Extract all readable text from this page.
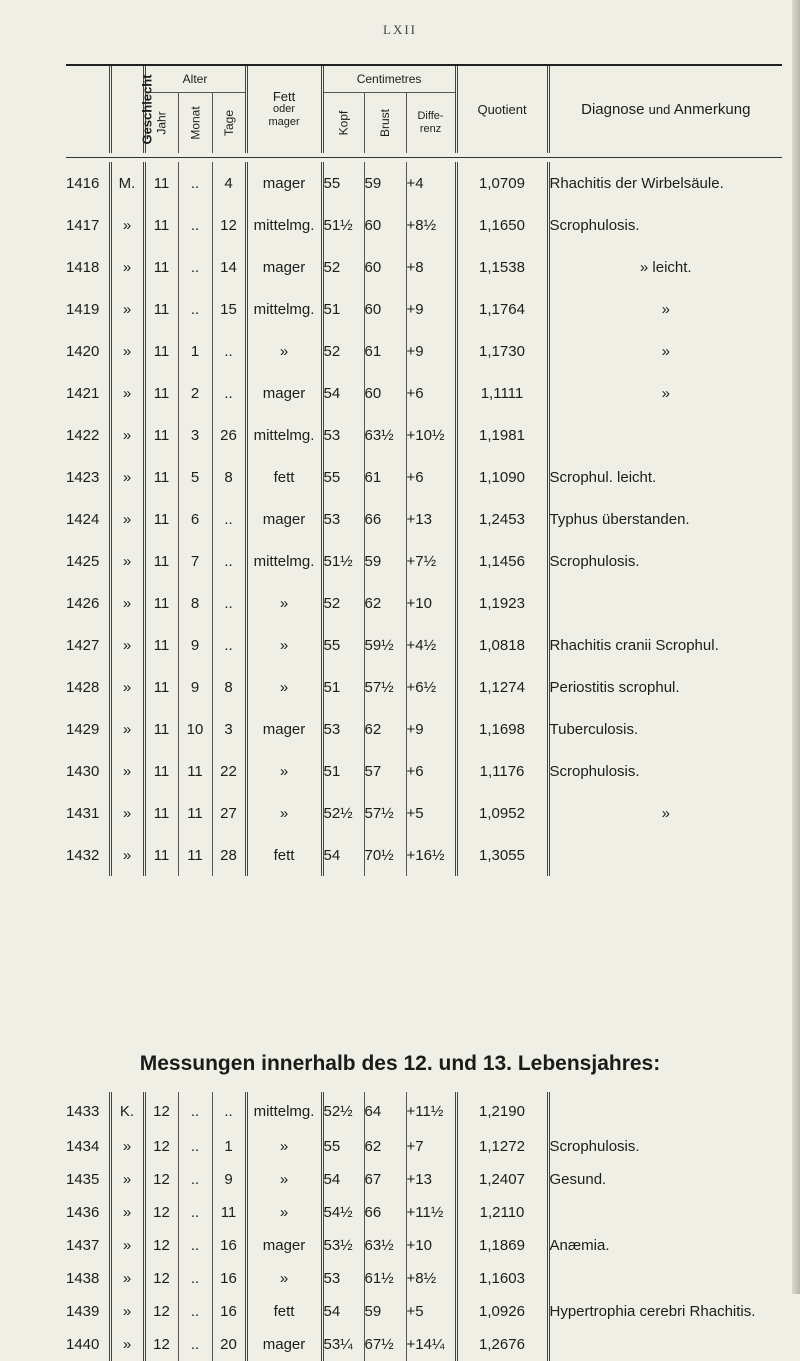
LXII
	Geschlecht	Alter			Fett
oder
mager	Centimetres			Quotient	Diagnose und Anmerkung
		Jahr	Monat	Tage		Kopf	Brust	Diffe-
renz		

1416	M.	11	..	4	mager	55	59	+4	1,0709	Rhachitis der Wirbelsäule.
1417	»	11	..	12	mittelmg.	51½	60	+8½	1,1650	Scrophulosis.
1418	»	11	..	14	mager	52	60	+8	1,1538	» leicht.
1419	»	11	..	15	mittelmg.	51	60	+9	1,1764	»
1420	»	11	1	..	»	52	61	+9	1,1730	»
1421	»	11	2	..	mager	54	60	+6	1,1111	»
1422	»	11	3	26	mittelmg.	53	63½	+10½	1,1981	
1423	»	11	5	8	fett	55	61	+6	1,1090	Scrophul. leicht.
1424	»	11	6	..	mager	53	66	+13	1,2453	Typhus überstanden.
1425	»	11	7	..	mittelmg.	51½	59	+7½	1,1456	Scrophulosis.
1426	»	11	8	..	»	52	62	+10	1,1923	
1427	»	11	9	..	»	55	59½	+4½	1,0818	Rhachitis cranii Scrophul.
1428	»	11	9	8	»	51	57½	+6½	1,1274	Periostitis scrophul.
1429	»	11	10	3	mager	53	62	+9	1,1698	Tuberculosis.
1430	»	11	11	22	»	51	57	+6	1,1176	Scrophulosis.
1431	»	11	11	27	»	52½	57½	+5	1,0952	»
1432	»	11	11	28	fett	54	70½	+16½	1,3055	
Messungen innerhalb des 12. und 13. Lebensjahres:
1433	K.	12	..	..	mittelmg.	52½	64	+11½	1,2190	
1434	»	12	..	1	»	55	62	+7	1,1272	Scrophulosis.
1435	»	12	..	9	»	54	67	+13	1,2407	Gesund.
1436	»	12	..	11	»	54½	66	+11½	1,2110	
1437	»	12	..	16	mager	53½	63½	+10	1,1869	Anæmia.
1438	»	12	..	16	»	53	61½	+8½	1,1603	
1439	»	12	..	16	fett	54	59	+5	1,0926	Hypertrophia cerebri Rhachitis.
1440	»	12	..	20	mager	53¼	67½	+14¼	1,2676	
